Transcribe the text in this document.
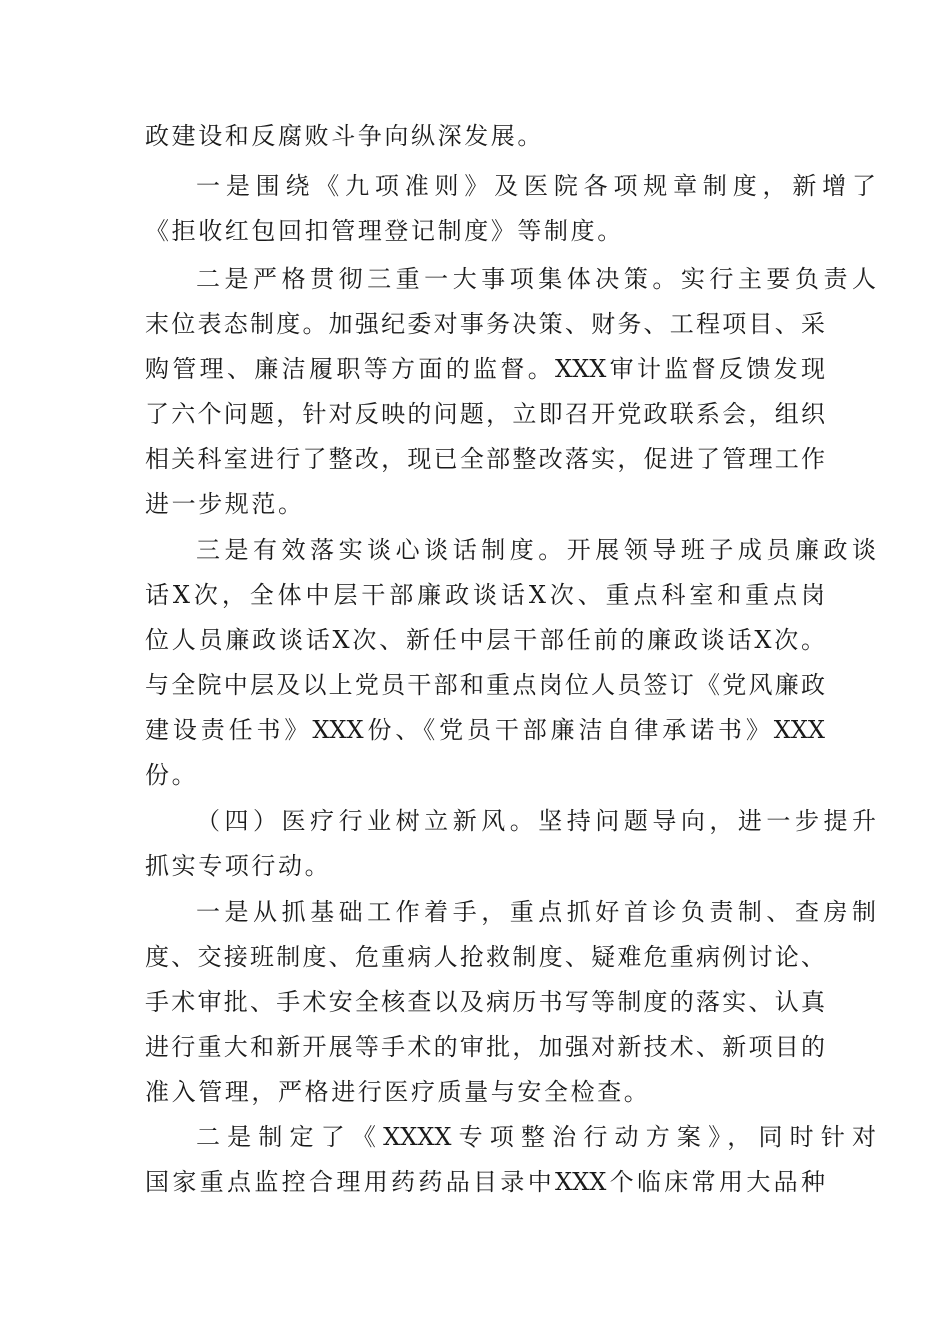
政建设和反腐败斗争向纵深发展。

一是围绕《九项准则》及医院各项规章制度，新增了

《拒收红包回扣管理登记制度》等制度。

二是严格贯彻三重一大事项集体决策。实行主要负责人

末位表态制度。加强纪委对事务决策、财务、工程项目、采

购管理、廉洁履职等方面的监督。XXX审计监督反馈发现

了六个问题，针对反映的问题，立即召开党政联系会，组织

相关科室进行了整改，现已全部整改落实，促进了管理工作

进一步规范。

三是有效落实谈心谈话制度。开展领导班子成员廉政谈

话X次，全体中层干部廉政谈话X次、重点科室和重点岗

位人员廉政谈话X次、新任中层干部任前的廉政谈话X次。

与全院中层及以上党员干部和重点岗位人员签订《党风廉政

建设责任书》XXX份、《党员干部廉洁自律承诺书》XXX

份。

（四）医疗行业树立新风。坚持问题导向，进一步提升

抓实专项行动。

一是从抓基础工作着手，重点抓好首诊负责制、查房制

度、交接班制度、危重病人抢救制度、疑难危重病例讨论、

手术审批、手术安全核查以及病历书写等制度的落实、认真

进行重大和新开展等手术的审批，加强对新技术、新项目的

准入管理，严格进行医疗质量与安全检查。

二是制定了《XXXX专项整治行动方案》，同时针对

国家重点监控合理用药药品目录中XXX个临床常用大品种
